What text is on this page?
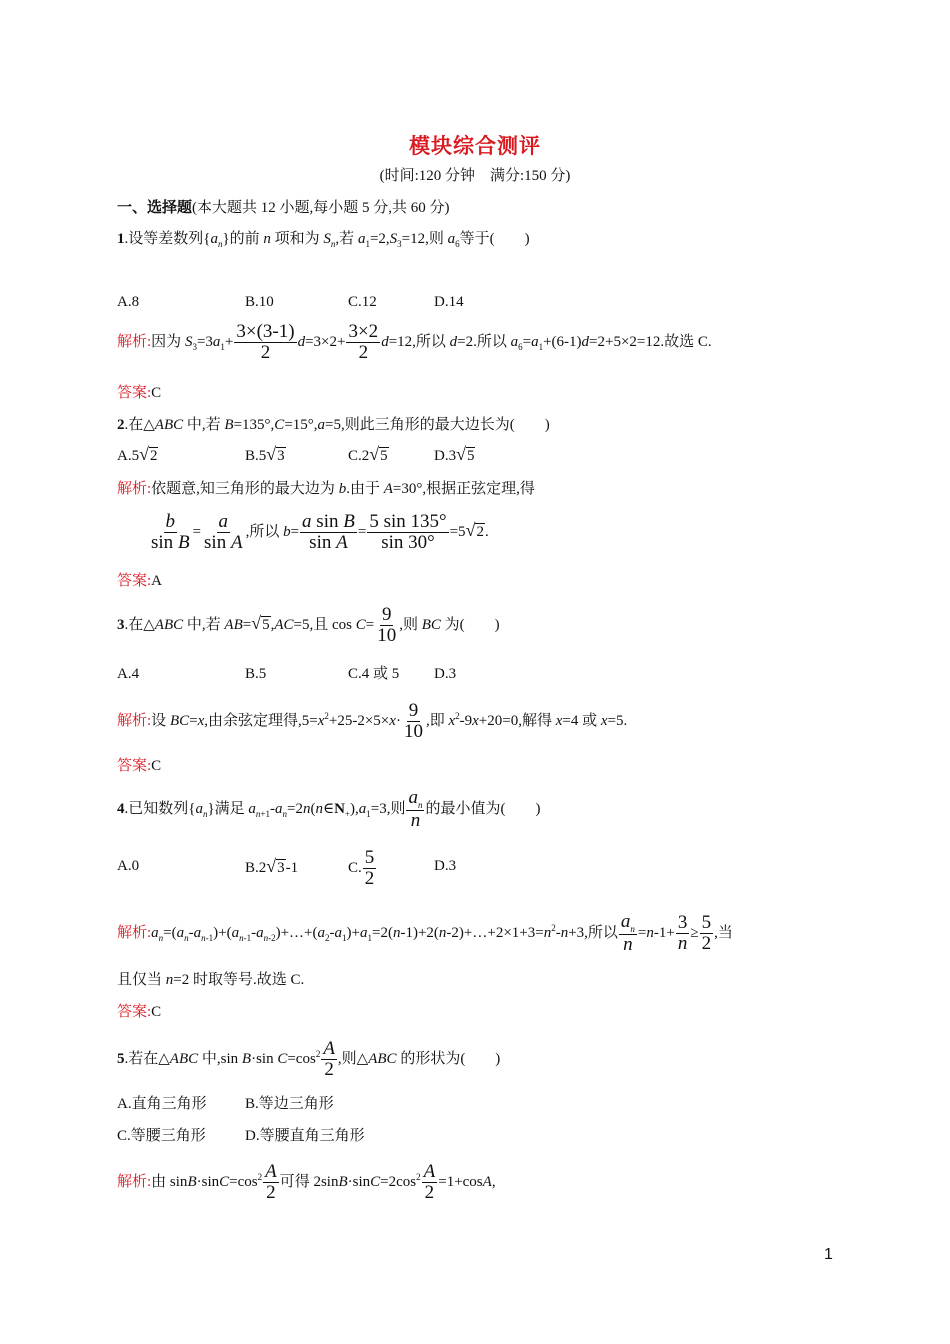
模块综合测评
(时间:120 分钟　满分:150 分)
一、选择题(本大题共 12 小题,每小题 5 分,共 60 分)
1.设等差数列$\{a_n\}$的前 n 项和为 $S_n$,若 $a_1=2,S_3=12$,则 $a_6$等于(　　)
A.8	B.10	C.12	D.14
解析:因为 $S_3=3a_1+ \frac{3\times(3-1)}{2} d=3\times 2+ \frac{3\times 2}{2} d=12$,所以 d=2.所以 $a_6=a_1+(6-1)d=2+5\times 2=12$.故选 C.
答案:C
2.在△ABC 中,若 B=135°,C=15°,a=5,则此三角形的最大边长为(　　)
A.5√2	B.5√3	C.2√5	D.3√5
解析:依题意,知三角形的最大边为 b.由于 A=30°,根据正弦定理,得
$\frac{b}{\text{sin B}} = \frac{a}{\text{sin A}}$ ,所以 $b= \frac{\text{a sin B}}{\text{sin A}} = \frac{5 \sin 135^\circ}{\sin 30^\circ} =5√2$.
答案:A
3.在△ABC 中,若 AB=√5,AC=5,且 $\cos C= \frac{9}{10}$ ,则 BC 为(　　)
A.4	B.5	C.4 或 5 D.3
解析:设 BC=x,由余弦定理得$,5=x^2+25-2\times 5\times x\cdot \frac{9}{10}$ ,即 $x^2-9x+20=0$,解得 x=4 或 x=5.
答案:C
4.已知数列$\{a_n\}$满足 $a_{n+1}-a_n=2n(n\in N_+),a_1=3$,则 $\frac{a_n}{n}$ 的最小值为(　　)
A.0	B.2√3-1	C. $\frac{5}{2}$	D.3
解析$:a_n=(a_n-a_{n-1})+(a_{n-1}-a_{n-2})+\dots+(a_2-a_1)+a_1=2(n-1)+2(n-2)+\dots+2\times 1+3=n^2-n+3$,所以 $\frac{a_n}{n} =n-1+ \frac{3}{n} \ge \frac{5}{2}$ ,当
且仅当 n=2 时取等号.故选 C.
答案:C
5.若在△ABC 中,sin B·sin $C=\cos^2 \frac{A}{2}$ ,则△ABC 的形状为(　　)
A.直角三角形	B.等边三角形
C.等腰三角形	D.等腰直角三角形
解析:由 $\sin B\cdot\sin C=\cos^2 \frac{A}{2}$ 可得 $2\sin B\cdot\sin C=2\cos^2 \frac{A}{2} =1+\cos A$,
1
